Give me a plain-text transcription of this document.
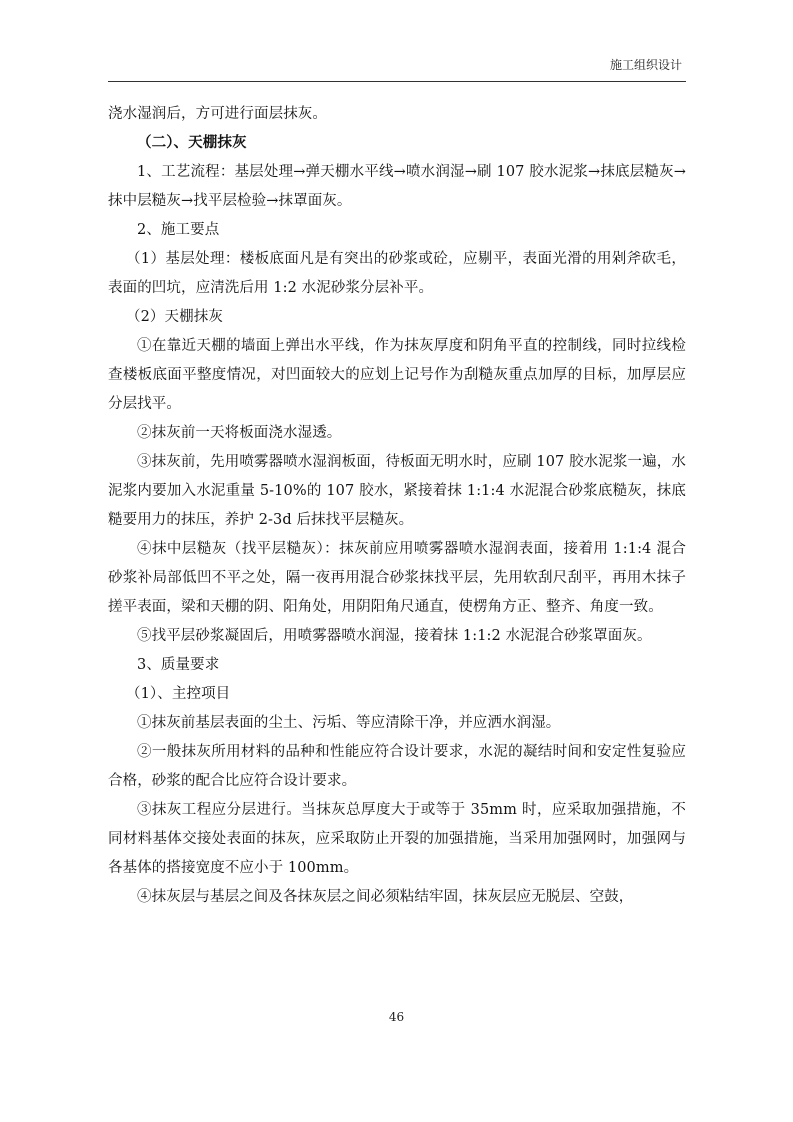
施工组织设计

浇水湿润后，方可进行面层抹灰。

（二）、天棚抹灰

1、工艺流程：基层处理→弹天棚水平线→喷水润湿→刷 107 胶水泥浆→抹底层糙灰→抹中层糙灰→找平层检验→抹罩面灰。

2、施工要点

（1）基层处理：楼板底面凡是有突出的砂浆或砼，应剔平，表面光滑的用剁斧砍毛，表面的凹坑，应清洗后用 1:2 水泥砂浆分层补平。

（2）天棚抹灰

①在靠近天棚的墙面上弹出水平线，作为抹灰厚度和阴角平直的控制线，同时拉线检查楼板底面平整度情况，对凹面较大的应划上记号作为刮糙灰重点加厚的目标，加厚层应分层找平。

②抹灰前一天将板面浇水湿透。

③抹灰前，先用喷雾器喷水湿润板面，待板面无明水时，应刷 107 胶水泥浆一遍，水泥浆内要加入水泥重量 5-10%的 107 胶水，紧接着抹 1:1:4 水泥混合砂浆底糙灰，抹底糙要用力的抹压，养护 2-3d 后抹找平层糙灰。

④抹中层糙灰（找平层糙灰）：抹灰前应用喷雾器喷水湿润表面，接着用 1:1:4 混合砂浆补局部低凹不平之处，隔一夜再用混合砂浆抹找平层，先用软刮尺刮平，再用木抹子搓平表面，梁和天棚的阴、阳角处，用阴阳角尺通直，使楞角方正、整齐、角度一致。

⑤找平层砂浆凝固后，用喷雾器喷水润湿，接着抹 1:1:2 水泥混合砂浆罩面灰。

3、质量要求

（1）、主控项目

①抹灰前基层表面的尘土、污垢、等应清除干净，并应洒水润湿。

②一般抹灰所用材料的品种和性能应符合设计要求，水泥的凝结时间和安定性复验应合格，砂浆的配合比应符合设计要求。

③抹灰工程应分层进行。当抹灰总厚度大于或等于 35mm 时，应采取加强措施，不同材料基体交接处表面的抹灰，应采取防止开裂的加强措施，当采用加强网时，加强网与各基体的搭接宽度不应小于 100mm。

④抹灰层与基层之间及各抹灰层之间必须粘结牢固，抹灰层应无脱层、空鼓，

46
